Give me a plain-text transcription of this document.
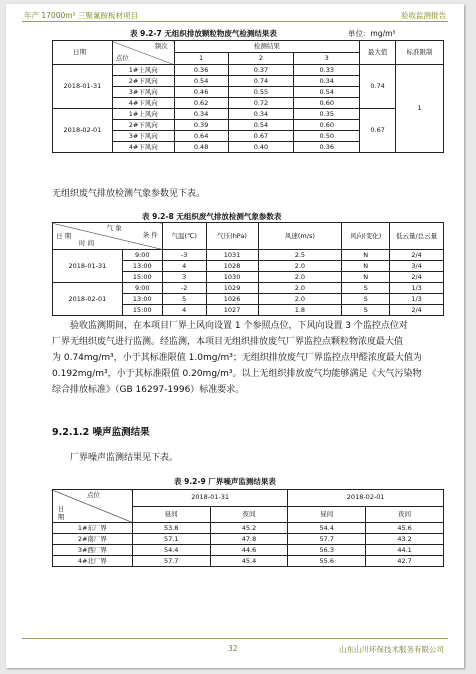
年产 17000m³ 三聚氰胺板材项目	验收监测报告
表 9.2-7 无组织排放颗粒物废气检测结果表	单位：mg/m³
日期	频次
点位	检测结果			最大值	标准限制
		1	2	3		
2018-01-31	1#上风向	0.36	0.37	0.33	0.74	1
	2#下风向	0.54	0.74	0.34		
	3#下风向	0.46	0.55	0.54		
	4#下风向	0.62	0.72	0.60		
2018-02-01	1#上风向	0.34	0.34	0.35	0.67	
	2#下风向	0.39	0.54	0.60		
	3#下风向	0.64	0.67	0.50		
	4#下风向	0.48	0.40	0.36		
无组织废气排放检测气象参数见下表。
表 9.2-8 无组织废气排放检测气象参数表
气 象
条 件
日 期
时 间		气温(℃)	气压(hPa)	风速(m/s)	风向(变化)	低云量/总云量
2018-01-31	9:00	-3	1031	2.5	N	2/4
	13:00	4	1028	2.0	N	3/4
	15:00	3	1030	2.0	N	2/4
2018-02-01	9:00	-2	1029	2.0	S	1/3
	13:00	5	1026	2.0	S	1/3
	15:00	4	1027	1.8	S	2/4
验收监测期间，在本项目厂界上风向设置 1 个参照点位，下风向设置 3 个监控点位对
厂界无组织废气进行监测。经监测，本项目无组织排放废气厂界监控点颗粒物浓度最大值
为 0.74mg/m³，小于其标准限值 1.0mg/m³；无组织排放废气厂界监控点甲醛浓度最大值为
0.192mg/m³，小于其标准限值 0.20mg/m³。以上无组织排放废气均能够满足《大气污染物
综合排放标准》（GB 16297-1996）标准要求。
9.2.1.2 噪声监测结果
厂界噪声监测结果见下表。
表 9.2-9 厂界噪声监测结果表
点位
日期	2018-01-31		2018-02-01	
	昼间	夜间	昼间	夜间
1#东厂界	53.8	45.2	54.4	45.6
2#南厂界	57.1	47.8	57.7	43.2
3#西厂界	54.4	44.6	56.3	44.1
4#北厂界	57.7	45.4	55.6	42.7
32	山东山川环保技术服务有限公司
